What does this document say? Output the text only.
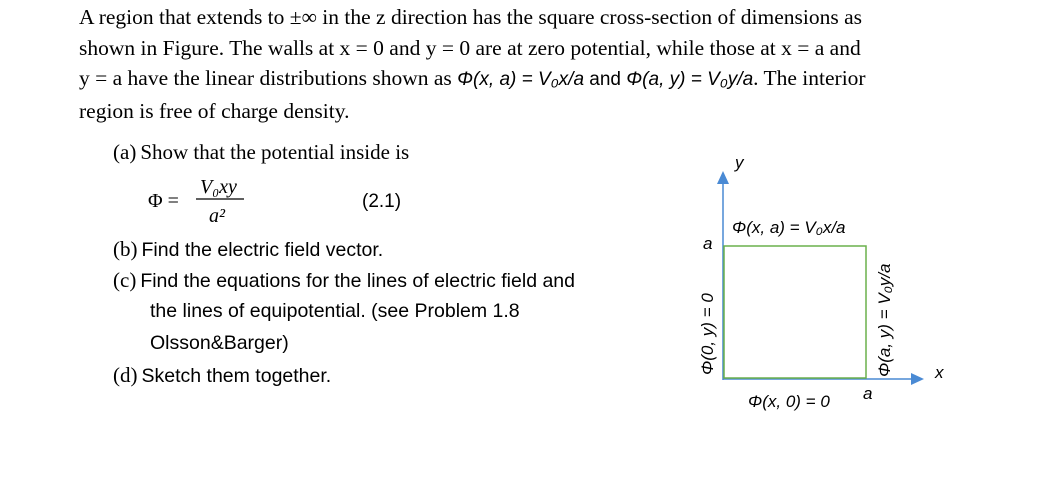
A region that extends to ±∞ in the z direction has the square cross-section of dimensions as
shown in Figure. The walls at x = 0 and y = 0 are at zero potential, while those at x = a and
y = a have the linear distributions shown as Φ(x, a) = V₀x/a and Φ(a, y) = V₀y/a. The interior
region is free of charge density.
(a) Show that the potential inside is
Φ =
V₀xy
a²
(2.1)
(b) Find the electric field vector.
(c) Find the equations for the lines of electric field and
the lines of equipotential. (see Problem 1.8
Olsson&Barger)
(d) Sketch them together.
y
x
Φ(x, a) = V₀x/a
Φ(x, 0) = 0
a
a
Φ(0, y) = 0	Φ(a, y) = V₀y/a
